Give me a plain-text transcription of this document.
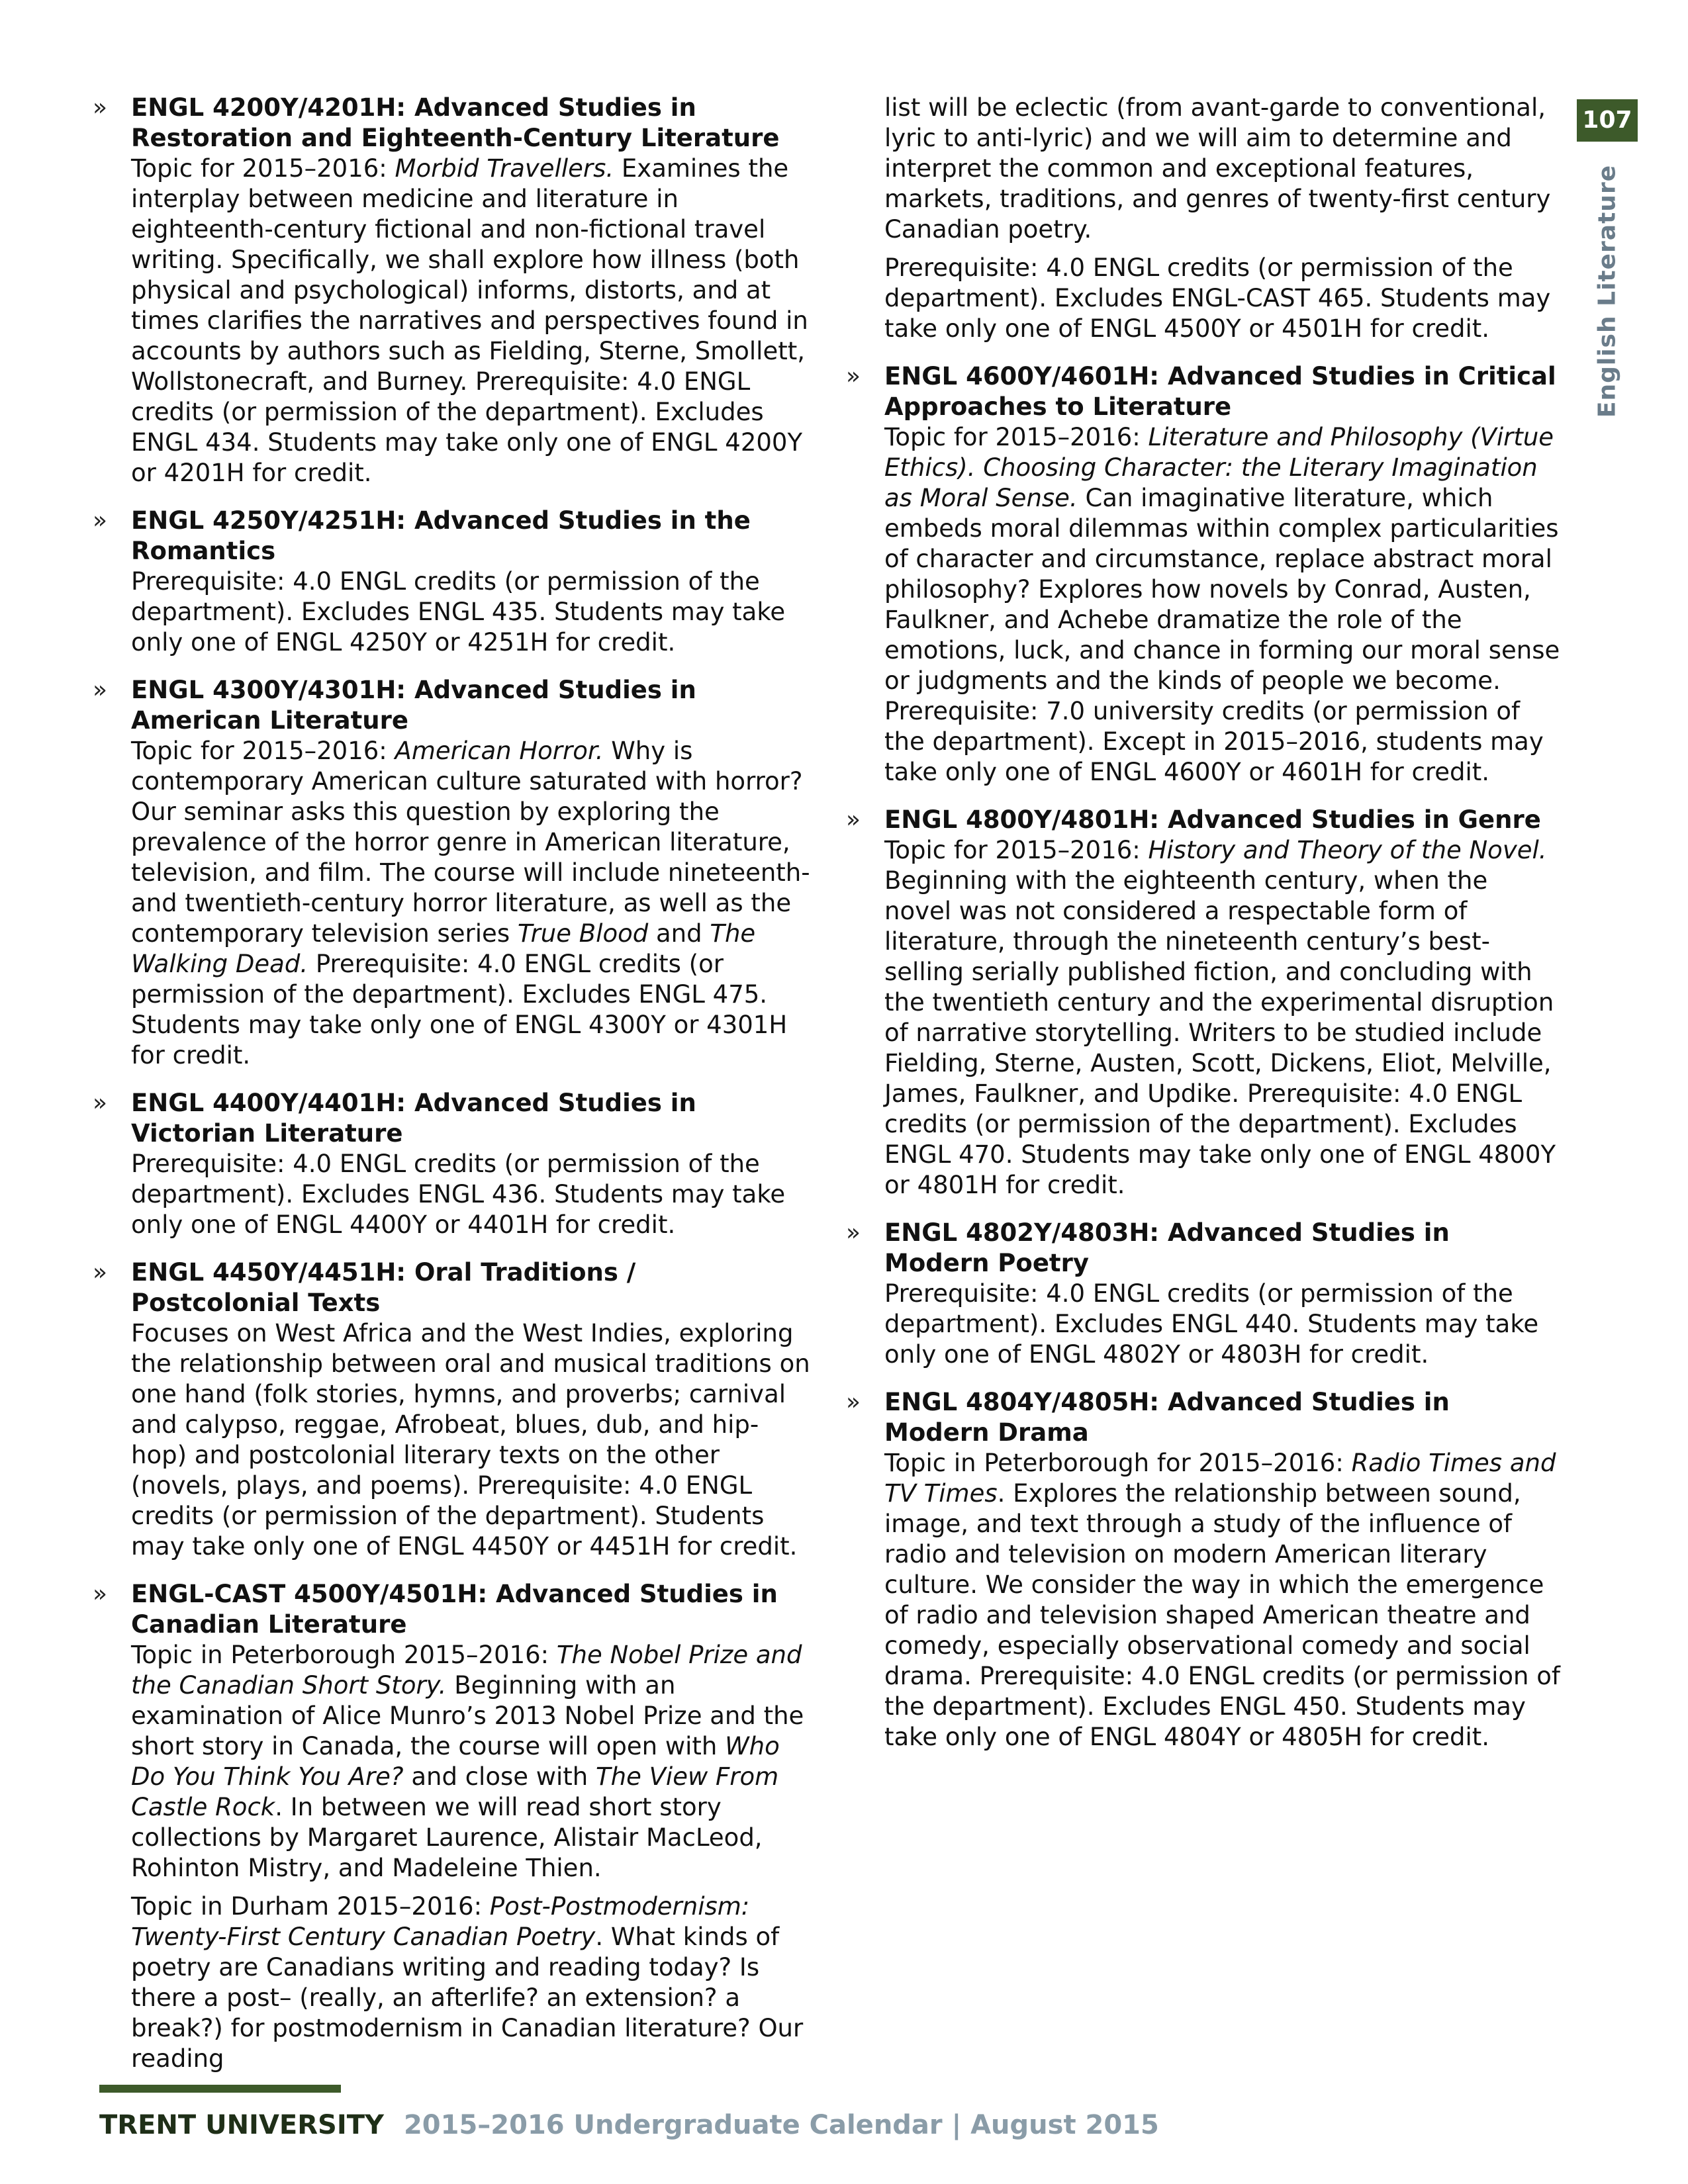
107
English Literature
» ENGL 4200Y/4201H: Advanced Studies in Restoration and Eighteenth-Century Literature

Topic for 2015–2016: Morbid Travellers. Examines the interplay between medicine and literature in eighteenth-century fictional and non-fictional travel writing. Specifically, we shall explore how illness (both physical and psychological) informs, distorts, and at times clarifies the narratives and perspectives found in accounts by authors such as Fielding, Sterne, Smollett, Wollstonecraft, and Burney. Prerequisite: 4.0 ENGL credits (or permission of the department). Excludes ENGL 434. Students may take only one of ENGL 4200Y or 4201H for credit.

» ENGL 4250Y/4251H: Advanced Studies in the Romantics

Prerequisite: 4.0 ENGL credits (or permission of the department). Excludes ENGL 435. Students may take only one of ENGL 4250Y or 4251H for credit.

» ENGL 4300Y/4301H: Advanced Studies in American Literature

Topic for 2015–2016: American Horror. Why is contemporary American culture saturated with horror? Our seminar asks this question by exploring the prevalence of the horror genre in American literature, television, and film. The course will include nineteenth- and twentieth-century horror literature, as well as the contemporary television series True Blood and The Walking Dead. Prerequisite: 4.0 ENGL credits (or permission of the department). Excludes ENGL 475. Students may take only one of ENGL 4300Y or 4301H for credit.

» ENGL 4400Y/4401H: Advanced Studies in Victorian Literature

Prerequisite: 4.0 ENGL credits (or permission of the department). Excludes ENGL 436. Students may take only one of ENGL 4400Y or 4401H for credit.

» ENGL 4450Y/4451H: Oral Traditions / Postcolonial Texts

Focuses on West Africa and the West Indies, exploring the relationship between oral and musical traditions on one hand (folk stories, hymns, and proverbs; carnival and calypso, reggae, Afrobeat, blues, dub, and hip-hop) and postcolonial literary texts on the other (novels, plays, and poems). Prerequisite: 4.0 ENGL credits (or permission of the department). Students may take only one of ENGL 4450Y or 4451H for credit.

» ENGL-CAST 4500Y/4501H: Advanced Studies in Canadian Literature

Topic in Peterborough 2015–2016: The Nobel Prize and the Canadian Short Story. Beginning with an examination of Alice Munro’s 2013 Nobel Prize and the short story in Canada, the course will open with Who Do You Think You Are? and close with The View From Castle Rock. In between we will read short story collections by Margaret Laurence, Alistair MacLeod, Rohinton Mistry, and Madeleine Thien.

Topic in Durham 2015–2016: Post-Postmodernism: Twenty-First Century Canadian Poetry. What kinds of poetry are Canadians writing and reading today? Is there a post– (really, an afterlife? an extension? a break?) for postmodernism in Canadian literature? Our reading

list will be eclectic (from avant-garde to conventional, lyric to anti-lyric) and we will aim to determine and interpret the common and exceptional features, markets, traditions, and genres of twenty-first century Canadian poetry.

Prerequisite: 4.0 ENGL credits (or permission of the department). Excludes ENGL-CAST 465. Students may take only one of ENGL 4500Y or 4501H for credit.

» ENGL 4600Y/4601H: Advanced Studies in Critical Approaches to Literature

Topic for 2015–2016: Literature and Philosophy (Virtue Ethics). Choosing Character: the Literary Imagination as Moral Sense. Can imaginative literature, which embeds moral dilemmas within complex particularities of character and circumstance, replace abstract moral philosophy? Explores how novels by Conrad, Austen, Faulkner, and Achebe dramatize the role of the emotions, luck, and chance in forming our moral sense or judgments and the kinds of people we become. Prerequisite: 7.0 university credits (or permission of the department). Except in 2015–2016, students may take only one of ENGL 4600Y or 4601H for credit.

» ENGL 4800Y/4801H: Advanced Studies in Genre

Topic for 2015–2016: History and Theory of the Novel. Beginning with the eighteenth century, when the novel was not considered a respectable form of literature, through the nineteenth century’s best-selling serially published fiction, and concluding with the twentieth century and the experimental disruption of narrative storytelling. Writers to be studied include Fielding, Sterne, Austen, Scott, Dickens, Eliot, Melville, James, Faulkner, and Updike. Prerequisite: 4.0 ENGL credits (or permission of the department). Excludes ENGL 470. Students may take only one of ENGL 4800Y or 4801H for credit.

» ENGL 4802Y/4803H: Advanced Studies in Modern Poetry

Prerequisite: 4.0 ENGL credits (or permission of the department). Excludes ENGL 440. Students may take only one of ENGL 4802Y or 4803H for credit.

» ENGL 4804Y/4805H: Advanced Studies in Modern Drama

Topic in Peterborough for 2015–2016: Radio Times and TV Times. Explores the relationship between sound, image, and text through a study of the influence of radio and television on modern American literary culture. We consider the way in which the emergence of radio and television shaped American theatre and comedy, especially observational comedy and social drama. Prerequisite: 4.0 ENGL credits (or permission of the department). Excludes ENGL 450. Students may take only one of ENGL 4804Y or 4805H for credit.

TRENT UNIVERSITY 2015–2016 Undergraduate Calendar | August 2015
